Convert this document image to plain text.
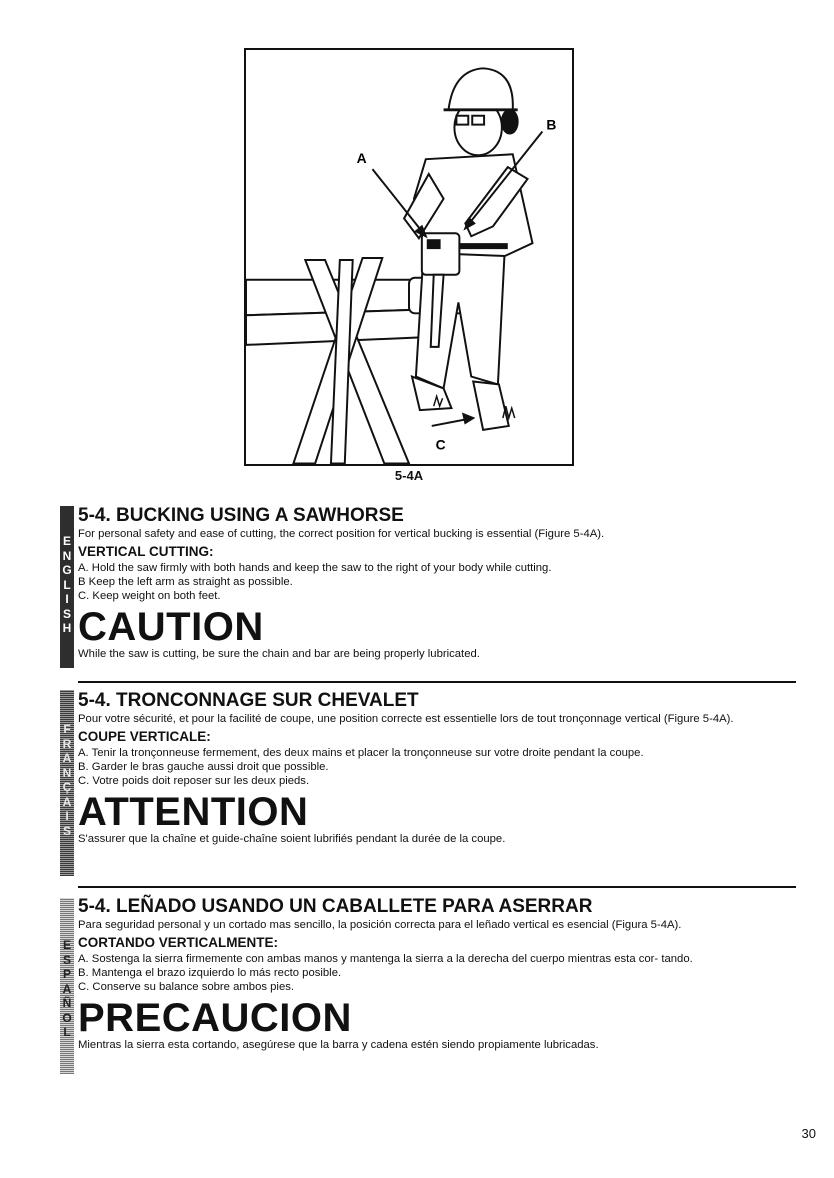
A
B
C
5-4A
E
N
G
L
I
S
H
F
R
A
N
Ç
A
I
S
E
S
P
A
Ñ
O
L
5-4. BUCKING USING A SAWHORSE

For personal safety and ease of cutting, the correct position for vertical bucking is essential (Figure 5-4A).

VERTICAL CUTTING:

A. Hold the saw firmly with both hands and keep the saw to the right of your body while cutting.

B Keep the left arm as straight as possible.

C. Keep weight on both feet.

CAUTION

While the saw is cutting, be sure the chain and bar are being properly lubricated.

5-4. TRONCONNAGE SUR CHEVALET

Pour votre sécurité, et pour la facilité de coupe, une position correcte est essentielle lors de tout tronçonnage vertical (Figure 5-4A).

COUPE VERTICALE:

A. Tenir la tronçonneuse fermement, des deux mains et placer la tronçonneuse sur votre droite pendant la coupe.

B. Garder le bras gauche aussi droit que possible.

C. Votre poids doit reposer sur les deux pieds.

ATTENTION

S'assurer que la chaîne et guide-chaîne soient lubrifiés pendant la durée de la coupe.

5-4. LEÑADO USANDO UN CABALLETE PARA ASERRAR

Para seguridad personal y un cortado mas sencillo, la posición correcta para el leñado vertical es esencial (Figura 5-4A).

CORTANDO VERTICALMENTE:

A. Sostenga la sierra firmemente con ambas manos y mantenga la sierra a la derecha del cuerpo mientras esta cor- tando.

B. Mantenga el brazo izquierdo lo más recto posible.

C. Conserve su balance sobre ambos pies.

PRECAUCION

Mientras la sierra esta cortando, asegúrese que la barra y cadena estén siendo propiamente lubricadas.

30
